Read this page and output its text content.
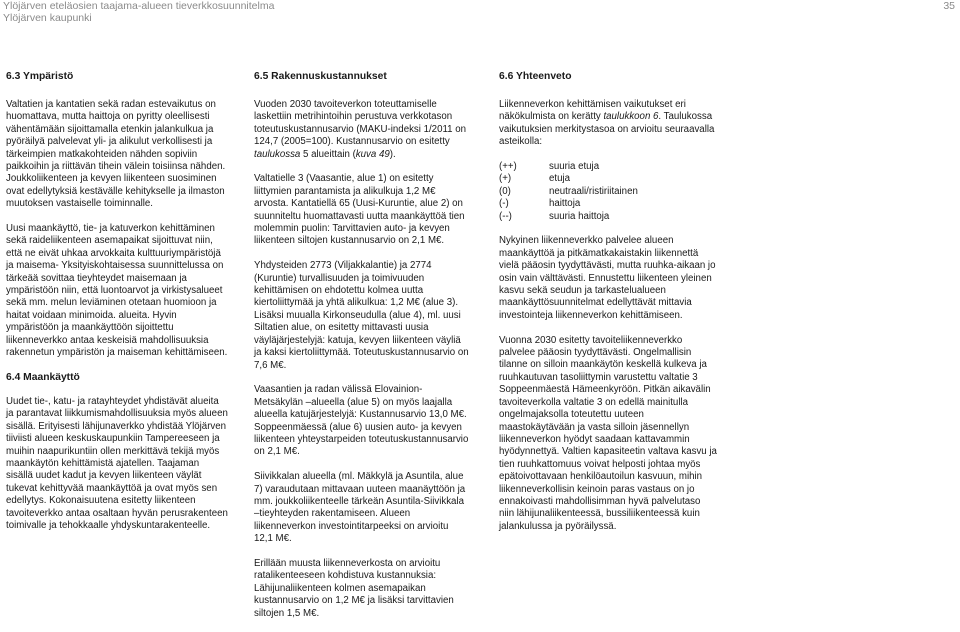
Ylöjärven eteläosien taajama-alueen tieverkkosuunnitelma
Ylöjärven kaupunki
35
6.3 Ympäristö

Valtatien ja kantatien sekä radan estevaikutus on huomattava, mutta haittoja on pyritty oleellisesti vähentämään sijoittamalla etenkin jalankulkua ja pyöräilyä palvelevat yli- ja alikulut verkollisesti ja tärkeimpien matkakohteiden nähden sopiviin paikkoihin ja riittävän tihein välein toisiinsa nähden. Joukkoliikenteen ja kevyen liikenteen suosiminen ovat edellytyksiä kestävälle kehitykselle ja ilmaston muutoksen vastaiselle toiminnalle.

Uusi maankäyttö, tie- ja katuverkon kehittäminen sekä raideliikenteen asemapaikat sijoittuvat niin, että ne eivät uhkaa arvokkaita kulttuuriympäristöjä ja maisema- Yksityiskohtaisessa suunnittelussa on tärkeää sovittaa tieyhteydet maisemaan ja ympäristöön niin, että luontoarvot ja virkistysalueet sekä mm. melun leviäminen otetaan huomioon ja haitat voidaan minimoida. alueita. Hyvin ympäristöön ja maankäyttöön sijoittettu liikenneverkko antaa keskeisiä mahdollisuuksia rakennetun ympäristön ja maiseman kehittämiseen.

6.4 Maankäyttö

Uudet tie-, katu- ja ratayhteydet yhdistävät alueita ja parantavat liikkumismahdollisuuksia myös alueen sisällä. Erityisesti lähijunaverkko yhdistää Ylöjärven tiiviisti alueen keskuskaupunkiin Tampereeseen ja muihin naapurikuntiin ollen merkittävä tekijä myös maankäytön kehittämistä ajatellen. Taajaman sisällä uudet kadut ja kevyen liikenteen väylät tukevat kehittyvää maankäyttöä ja ovat myös sen edellytys. Kokonaisuutena esitetty liikenteen tavoiteverkko antaa osaltaan hyvän perusrakenteen toimivalle ja tehokkaalle yhdyskuntarakenteelle.

6.5 Rakennuskustannukset

Vuoden 2030 tavoiteverkon toteuttamiselle laskettiin metrihintoihin perustuva verkkotason toteutuskustannusarvio (MAKU-indeksi 1/2011 on 124,7 (2005=100). Kustannusarvio on esitetty taulukossa 5 alueittain (kuva 49).

Valtatielle 3 (Vaasantie, alue 1) on esitetty liittymien parantamista ja alikulkuja 1,2 M€ arvosta. Kantatiellä 65 (Uusi-Kuruntie, alue 2) on suunniteltu huomattavasti uutta maankäyttöä tien molemmin puolin: Tarvittavien auto- ja kevyen liikenteen siltojen kustannusarvio on 2,1 M€.

Yhdysteiden 2773 (Viljakkalantie) ja 2774 (Kuruntie) turvallisuuden ja toimivuuden kehittämisen on ehdotettu kolmea uutta kiertoliittymää ja yhtä alikulkua: 1,2 M€ (alue 3). Lisäksi muualla Kirkonseudulla (alue 4), ml. uusi Siltatien alue, on esitetty mittavasti uusia väyläjärjestelyjä: katuja, kevyen liikenteen väyliä ja kaksi kiertoliittymää. Toteutuskustannusarvio on 7,6 M€.

Vaasantien ja radan välissä Elovainion-Metsäkylän –alueella (alue 5) on myös laajalla alueella katujärjestelyjä: Kustannusarvio 13,0 M€. Soppeenmäessä (alue 6) uusien auto- ja kevyen liikenteen yhteystarpeiden toteutuskustannusarvio on 2,1 M€.

Siivikkalan alueella (ml. Mäkkylä ja Asuntila, alue 7) varaudutaan mittavaan uuteen maanäyttöön ja mm. joukkoliikenteelle tärkeän Asuntila-Siivikkala –tieyhteyden rakentamiseen. Alueen liikenneverkon investointitarpeeksi on arvioitu 12,1 M€.

Erillään muusta liikenneverkosta on arvioitu ratalikenteeseen kohdistuva kustannuksia: Lähijunaliikenteen kolmen asemapaikan kustannusarvio on 1,2 M€ ja lisäksi tarvittavien siltojen 1,5 M€.

6.6 Yhteenveto

Liikenneverkon kehittämisen vaikutukset eri näkökulmista on kerätty taulukkoon 6. Taulukossa vaikutuksien merkitystasoa on arvioitu seuraavalla asteikolla:

(++)	suuria etuja
(+)	etuja
(0)	neutraali/ristiriitainen
(-)	haittoja
(--)	suuria haittoja

Nykyinen liikenneverkko palvelee alueen maankäyttöä ja pitkämatkakaistakin liikennettä vielä pääosin tyydyttävästi, mutta ruuhka-aikaan jo osin vain välttävästi. Ennustettu liikenteen yleinen kasvu sekä seudun ja tarkastelualueen maankäyttösuunnitelmat edellyttävät mittavia investointeja liikenneverkon kehittämiseen.

Vuonna 2030 esitetty tavoiteliikenneverkko palvelee pääosin tyydyttävästi. Ongelmallisin tilanne on silloin maankäytön keskellä kulkeva ja ruuhkautuvan tasoliittymin varustettu valtatie 3 Soppeenmäestä Hämeenkyröön. Pitkän aikavälin tavoiteverkolla valtatie 3 on edellä mainitulla ongelmajaksolla toteutettu uuteen maastokäytävään ja vasta silloin jäsennellyn liikenneverkon hyödyt saadaan kattavammin hyödynnettyä. Valtien kapasiteetin valtava kasvu ja tien ruuhkattomuus voivat helposti johtaa myös epätoivottavaan henkilöautoilun kasvuun, mihin liikenneverkollisin keinoin paras vastaus on jo ennakoivasti mahdollisimman hyvä palvelutaso niin lähijunaliikenteessä, bussiliikenteessä kuin jalankulussa ja pyöräilyssä.
